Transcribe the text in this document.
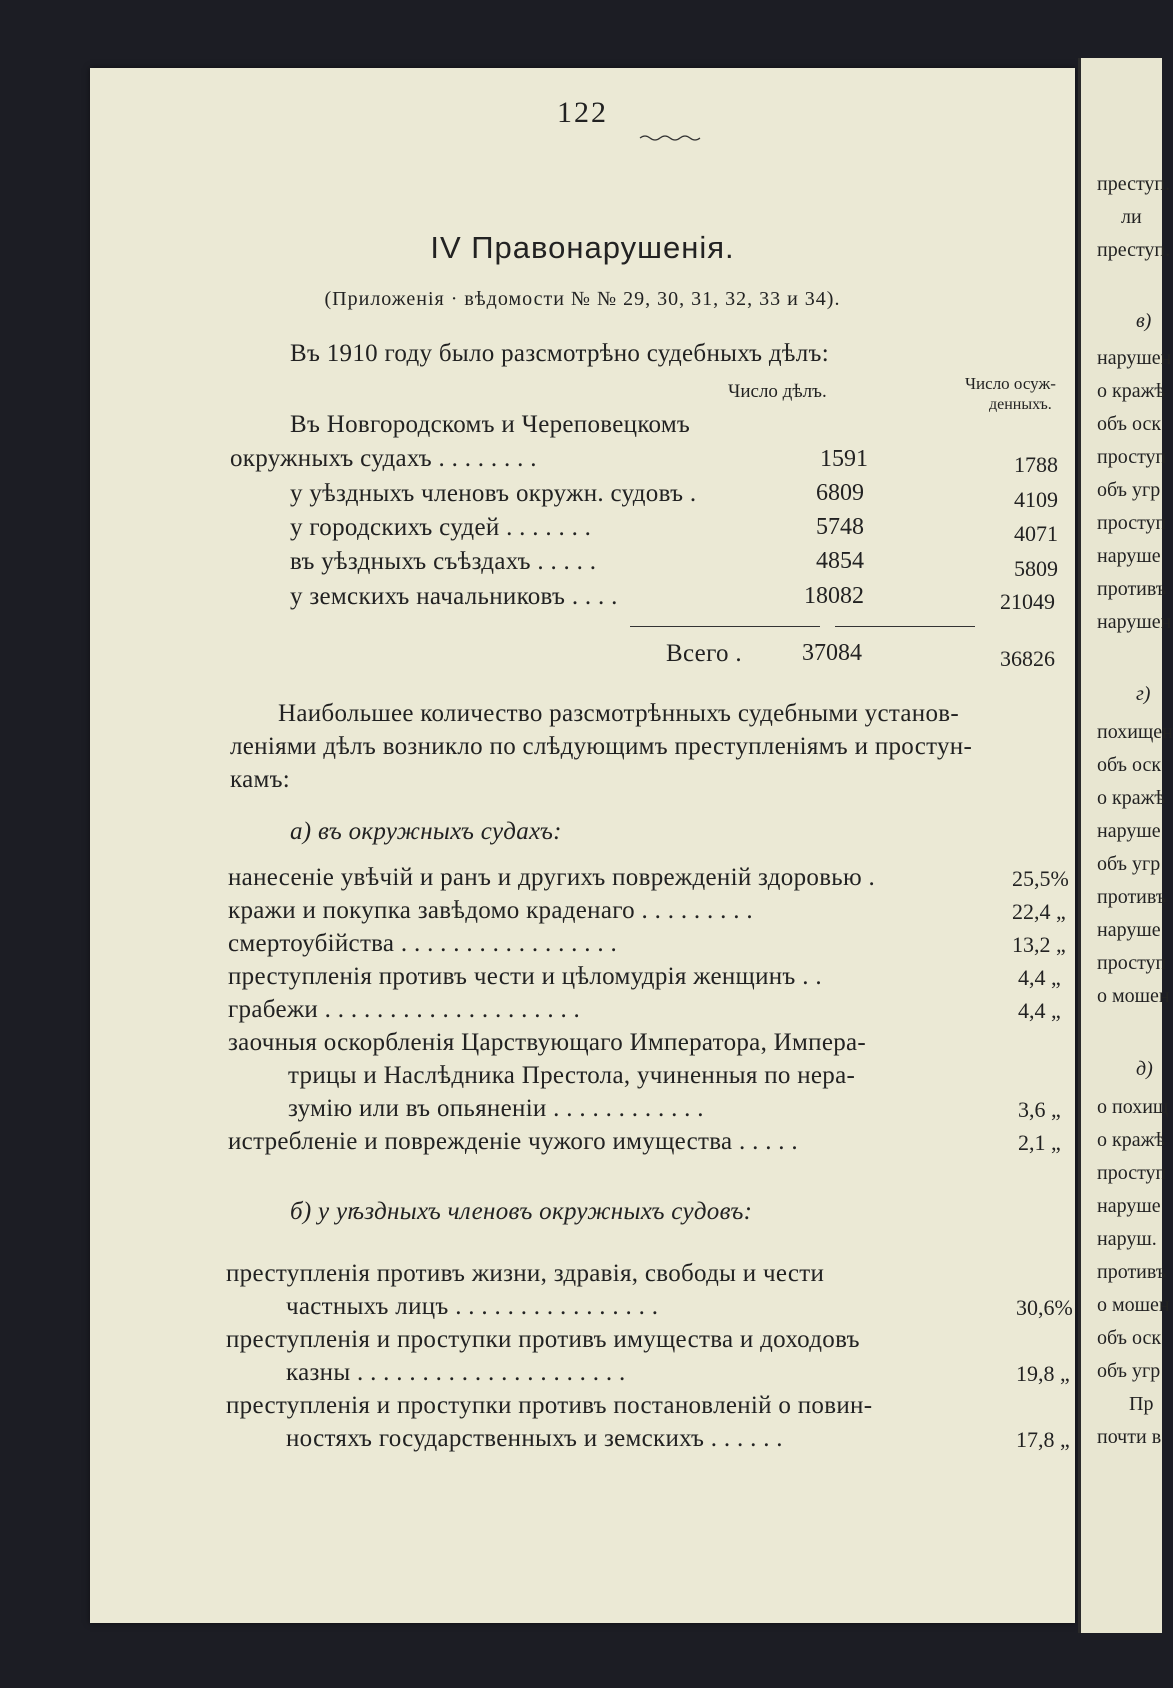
122
IV Правонарушенія.
(Приложенія · вѣдомости № № 29, 30, 31, 32, 33 и 34).
Въ 1910 году было разсмотрѣно судебныхъ дѣлъ:
Число дѣлъ.	Число осуж-
денныхъ.
Въ Новгородскомъ и Череповецкомъ
окружныхъ судахъ . . . . . . . .	1591	1788
у уѣздныхъ членовъ окружн. судовъ .	6809	4109
у городскихъ судей . . . . . . .	5748	4071
въ уѣздныхъ съѣздахъ . . . . .	4854	5809
у земскихъ начальниковъ . . . .	18082	21049
Всего .	37084	36826
Наибольшее количество разсмотрѣнныхъ судебными установ-
леніями дѣлъ возникло по слѣдующимъ преступленіямъ и простун-
камъ:
а) въ окружныхъ судахъ:
нанесеніе увѣчій и ранъ и другихъ поврежденій здоровью .	25,5%
кражи и покупка завѣдомо краденаго . . . . . . . . .	22,4 „
смертоубійства . . . . . . . . . . . . . . . . .	13,2 „
преступленія противъ чести и цѣломудрія женщинъ . .	4,4 „
грабежи . . . . . . . . . . . . . . . . . . . .	4,4 „
заочныя оскорбленія Царствующаго Императора, Импера-
трицы и Наслѣдника Престола, учиненныя по нера-
зумію или въ опьяненіи . . . . . . . . . . . .	3,6 „
истребленіе и поврежденіе чужого имущества . . . . .	2,1 „
б) у уѣздныхъ членовъ окружныхъ судовъ:
преступленія противъ жизни, здравія, свободы и чести
частныхъ лицъ . . . . . . . . . . . . . . . .	30,6%
преступленія и проступки противъ имущества и доходовъ
казны . . . . . . . . . . . . . . . . . . . . .	19,8 „
преступленія и проступки противъ постановленій о повин-
ностяхъ государственныхъ и земскихъ . . . . . .	17,8 „
преступ.
ли
преступ.
в)
нарушен
о кражѣ
объ оск
проступ
объ угр
проступ
наруше
противъ
нарушен
г)
похищен
объ оск
о кражѣ
наруше
объ угр
противъ
наруше
проступ
о мошен
д)
о похищ
о кражѣ
проступ
наруше
наруш.
противъ
о мошен
объ оск
объ угр
Пр
почти в
